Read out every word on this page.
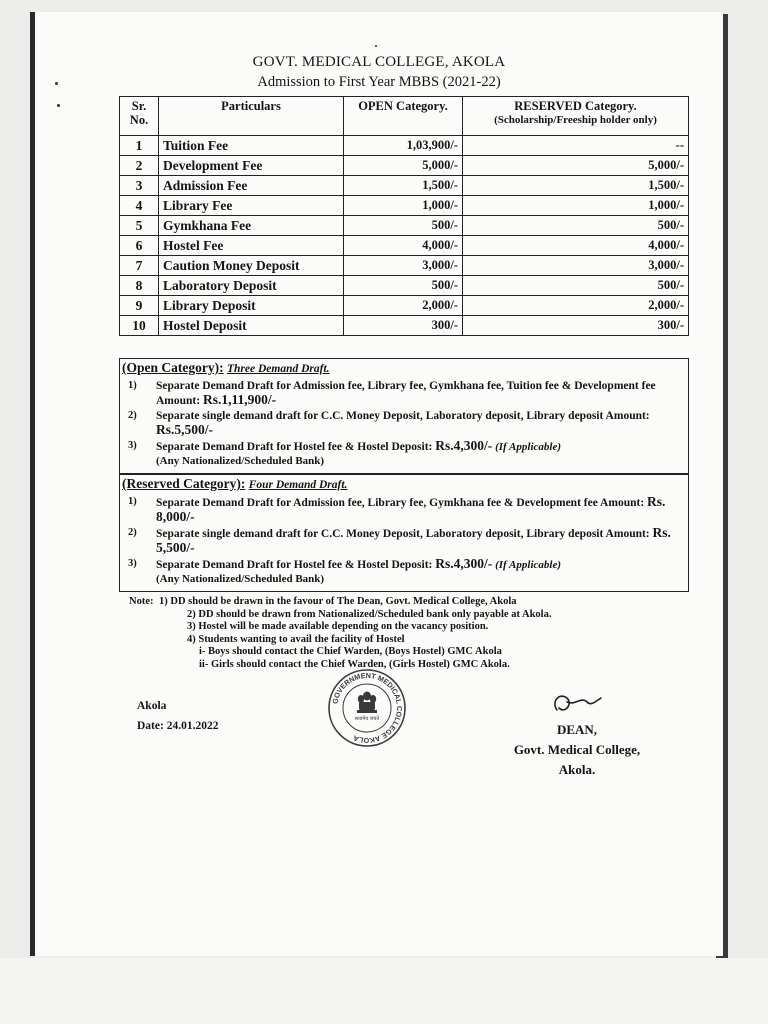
GOVT. MEDICAL COLLEGE, AKOLA
Admission to First Year MBBS (2021-22)
Sr.
No.	Particulars	OPEN Category.	RESERVED Category.
(Scholarship/Freeship holder only)

1	Tuition Fee	1,03,900/-	--
2	Development Fee	5,000/-	5,000/-
3	Admission Fee	1,500/-	1,500/-
4	Library Fee	1,000/-	1,000/-
5	Gymkhana Fee	500/-	500/-
6	Hostel Fee	4,000/-	4,000/-
7	Caution Money Deposit	3,000/-	3,000/-
8	Laboratory Deposit	500/-	500/-
9	Library Deposit	2,000/-	2,000/-
10	Hostel Deposit	300/-	300/-
(Open Category): Three Demand Draft.
1)	Separate Demand Draft for Admission fee, Library fee, Gymkhana fee, Tuition fee & Development fee Amount: Rs.1,11,900/-
2)	Separate single demand draft for C.C. Money Deposit, Laboratory deposit, Library deposit Amount: Rs.5,500/-
3)	Separate Demand Draft for Hostel fee & Hostel Deposit: Rs.4,300/- (If Applicable)
(Any Nationalized/Scheduled Bank)
(Reserved Category): Four Demand Draft.
1)	Separate Demand Draft for Admission fee, Library fee, Gymkhana fee & Development fee Amount: Rs. 8,000/-
2)	Separate single demand draft for C.C. Money Deposit, Laboratory deposit, Library deposit Amount: Rs. 5,500/-
3)	Separate Demand Draft for Hostel fee & Hostel Deposit: Rs.4,300/- (If Applicable)
(Any Nationalized/Scheduled Bank)
Note: 1) DD should be drawn in the favour of The Dean, Govt. Medical College, Akola
2) DD should be drawn from Nationalized/Scheduled bank only payable at Akola.
3) Hostel will be made available depending on the vacancy position.
4) Students wanting to avail the facility of Hostel
i- Boys should contact the Chief Warden, (Boys Hostel) GMC Akola
ii- Girls should contact the Chief Warden, (Girls Hostel) GMC Akola.
Akola
Date: 24.01.2022
GOVERNMENT MEDICAL COLLEGE AKOLA
सत्यमेव जयते
DEAN,
Govt. Medical College,
Akola.
